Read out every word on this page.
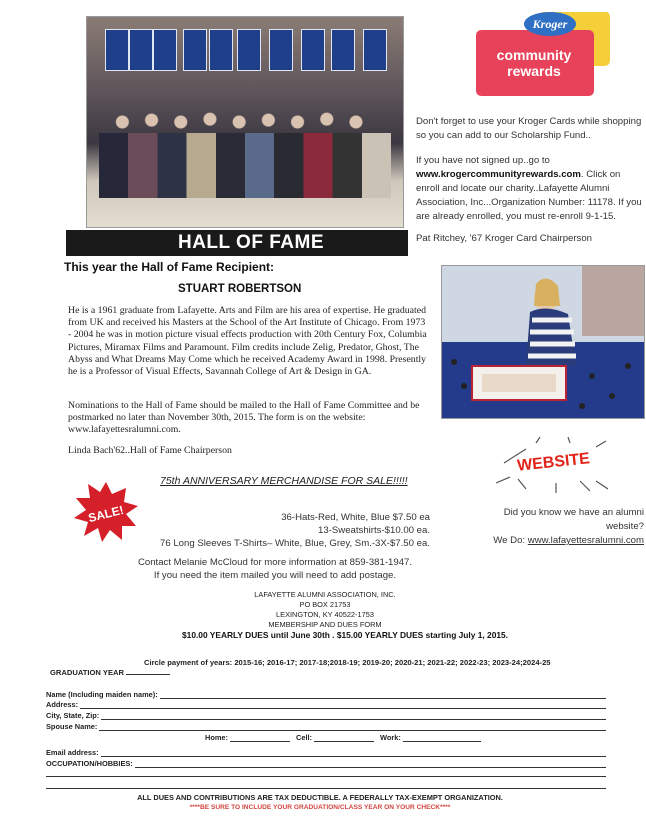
Kroger
community
rewards
Don't forget to use your Kroger Cards while shopping so you can add to our Scholarship Fund..
If you have not signed up..go to www.krogercommunityrewards.com. Click on enroll and locate our charity..Lafayette Alumni Association, Inc...Organization Number: 11178. If you are already enrolled, you must re-enroll 9-1-15.
Pat Ritchey, '67 Kroger Card Chairperson
HALL OF FAME
This year the Hall of Fame Recipient:
STUART ROBERTSON
He is a 1961 graduate from Lafayette. Arts and Film are his area of expertise. He graduated from UK and received his Masters at the School of the Art Institute of Chicago. From 1973 - 2004 he was in motion picture visual effects production with 20th Century Fox, Columbia Pictures, Miramax Films and Paramount. Film credits include Zelig, Predator, Ghost, The Abyss and What Dreams May Come which he received Academy Award in 1998. Presently he is a Professor of Visual Effects, Savannah College of Art & Design in GA.
Nominations to the Hall of Fame should be mailed to the Hall of Fame Committee and be postmarked no later than November 30th, 2015. The form is on the website: www.lafayettesralumni.com.
Linda Bach'62..Hall of Fame Chairperson	WEBSITE
Did you know we have an alumni website?
We Do: www.lafayettesralumni.com
75th ANNIVERSARY MERCHANDISE FOR SALE!!!!!
SALE!	36-Hats-Red, White, Blue $7.50 ea
13-Sweatshirts-$10.00 ea.
76 Long Sleeves T-Shirts– White, Blue, Grey, Sm.-3X-$7.50 ea.
Contact Melanie McCloud for more information at 859-381-1947.
If you need the item mailed you will need to add postage.
LAFAYETTE ALUMNI ASSOCIATION, INC.
PO BOX 21753
LEXINGTON, KY 40522-1753
MEMBERSHIP AND DUES FORM
$10.00 YEARLY DUES until June 30th . $15.00 YEARLY DUES starting July 1, 2015.
Circle payment of years: 2015-16; 2016-17; 2017-18;2018-19; 2019-20; 2020-21; 2021-22; 2022-23; 2023-24;2024-25
GRADUATION YEAR
Name (Including maiden name):
Address:
City, State, Zip:
Spouse Name:
Home:	Cell:	Work:
Email address:
OCCUPATION/HOBBIES:
ALL DUES AND CONTRIBUTIONS ARE TAX DEDUCTIBLE. A FEDERALLY TAX-EXEMPT ORGANIZATION.
****BE SURE TO INCLUDE YOUR GRADUATION/CLASS YEAR ON YOUR CHECK****
